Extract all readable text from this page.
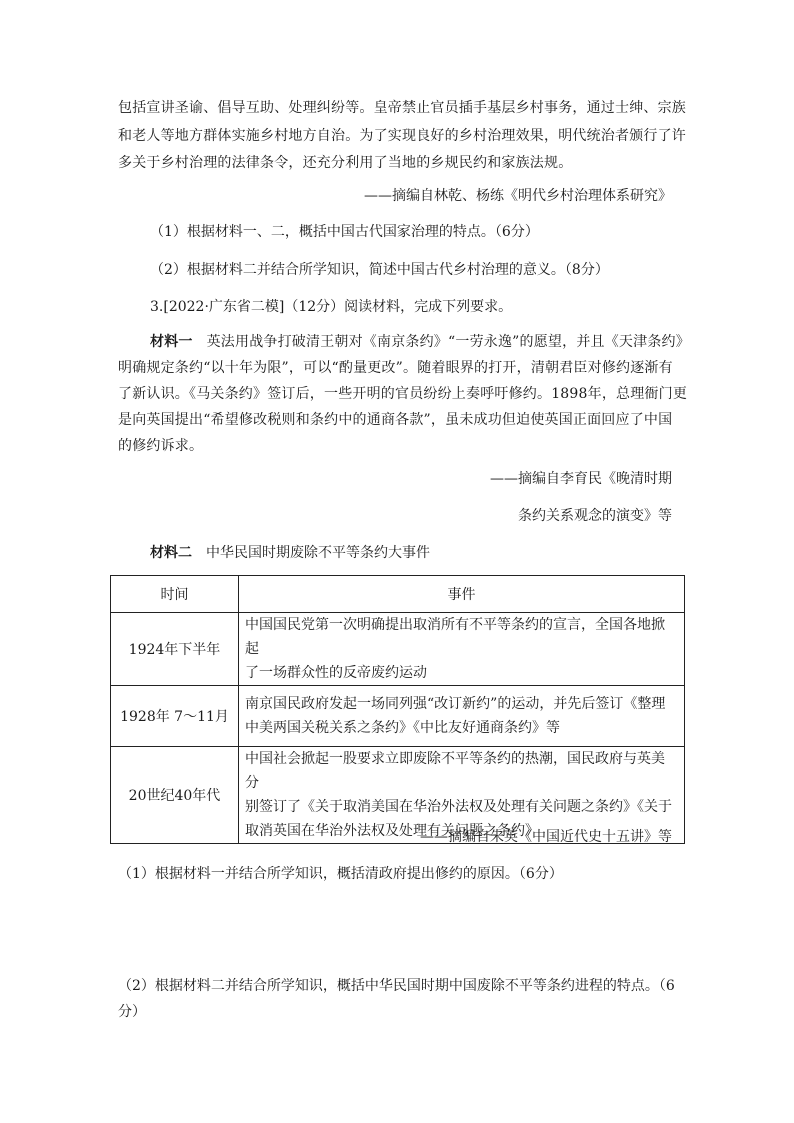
包括宣讲圣谕、倡导互助、处理纠纷等。皇帝禁止官员插手基层乡村事务，通过士绅、宗族
和老人等地方群体实施乡村地方自治。为了实现良好的乡村治理效果，明代统治者颁行了许
多关于乡村治理的法律条令，还充分利用了当地的乡规民约和家族法规。
——摘编自林乾、杨练《明代乡村治理体系研究》
（1）根据材料一、二，概括中国古代国家治理的特点。（6分）
（2）根据材料二并结合所学知识，简述中国古代乡村治理的意义。（8分）
3.[2022·广东省二模]（12分）阅读材料，完成下列要求。
材料一 英法用战争打破清王朝对《南京条约》“一劳永逸”的愿望，并且《天津条约》
明确规定条约“以十年为限”，可以“酌量更改”。随着眼界的打开，清朝君臣对修约逐渐有
了新认识。《马关条约》签订后，一些开明的官员纷纷上奏呼吁修约。1898年，总理衙门更
是向英国提出“希望修改税则和条约中的通商各款”，虽未成功但迫使英国正面回应了中国
的修约诉求。
——摘编自李育民《晚清时期
条约关系观念的演变》等
材料二 中华民国时期废除不平等条约大事件
时间	事件
1924年下半年	中国国民党第一次明确提出取消所有不平等条约的宣言，全国各地掀起
了一场群众性的反帝废约运动

1928年 7～11月	南京国民政府发起一场同列强“改订新约”的运动，并先后签订《整理
中美两国关税关系之条约》《中比友好通商条约》等

20世纪40年代	中国社会掀起一股要求立即废除不平等条约的热潮，国民政府与英美分
别签订了《关于取消美国在华治外法权及处理有关问题之条约》《关于
取消英国在华治外法权及处理有关问题之条约》
——摘编自朱英《中国近代史十五讲》等
（1）根据材料一并结合所学知识，概括清政府提出修约的原因。（6分）
（2）根据材料二并结合所学知识，概括中华民国时期中国废除不平等条约进程的特点。（6
分）
